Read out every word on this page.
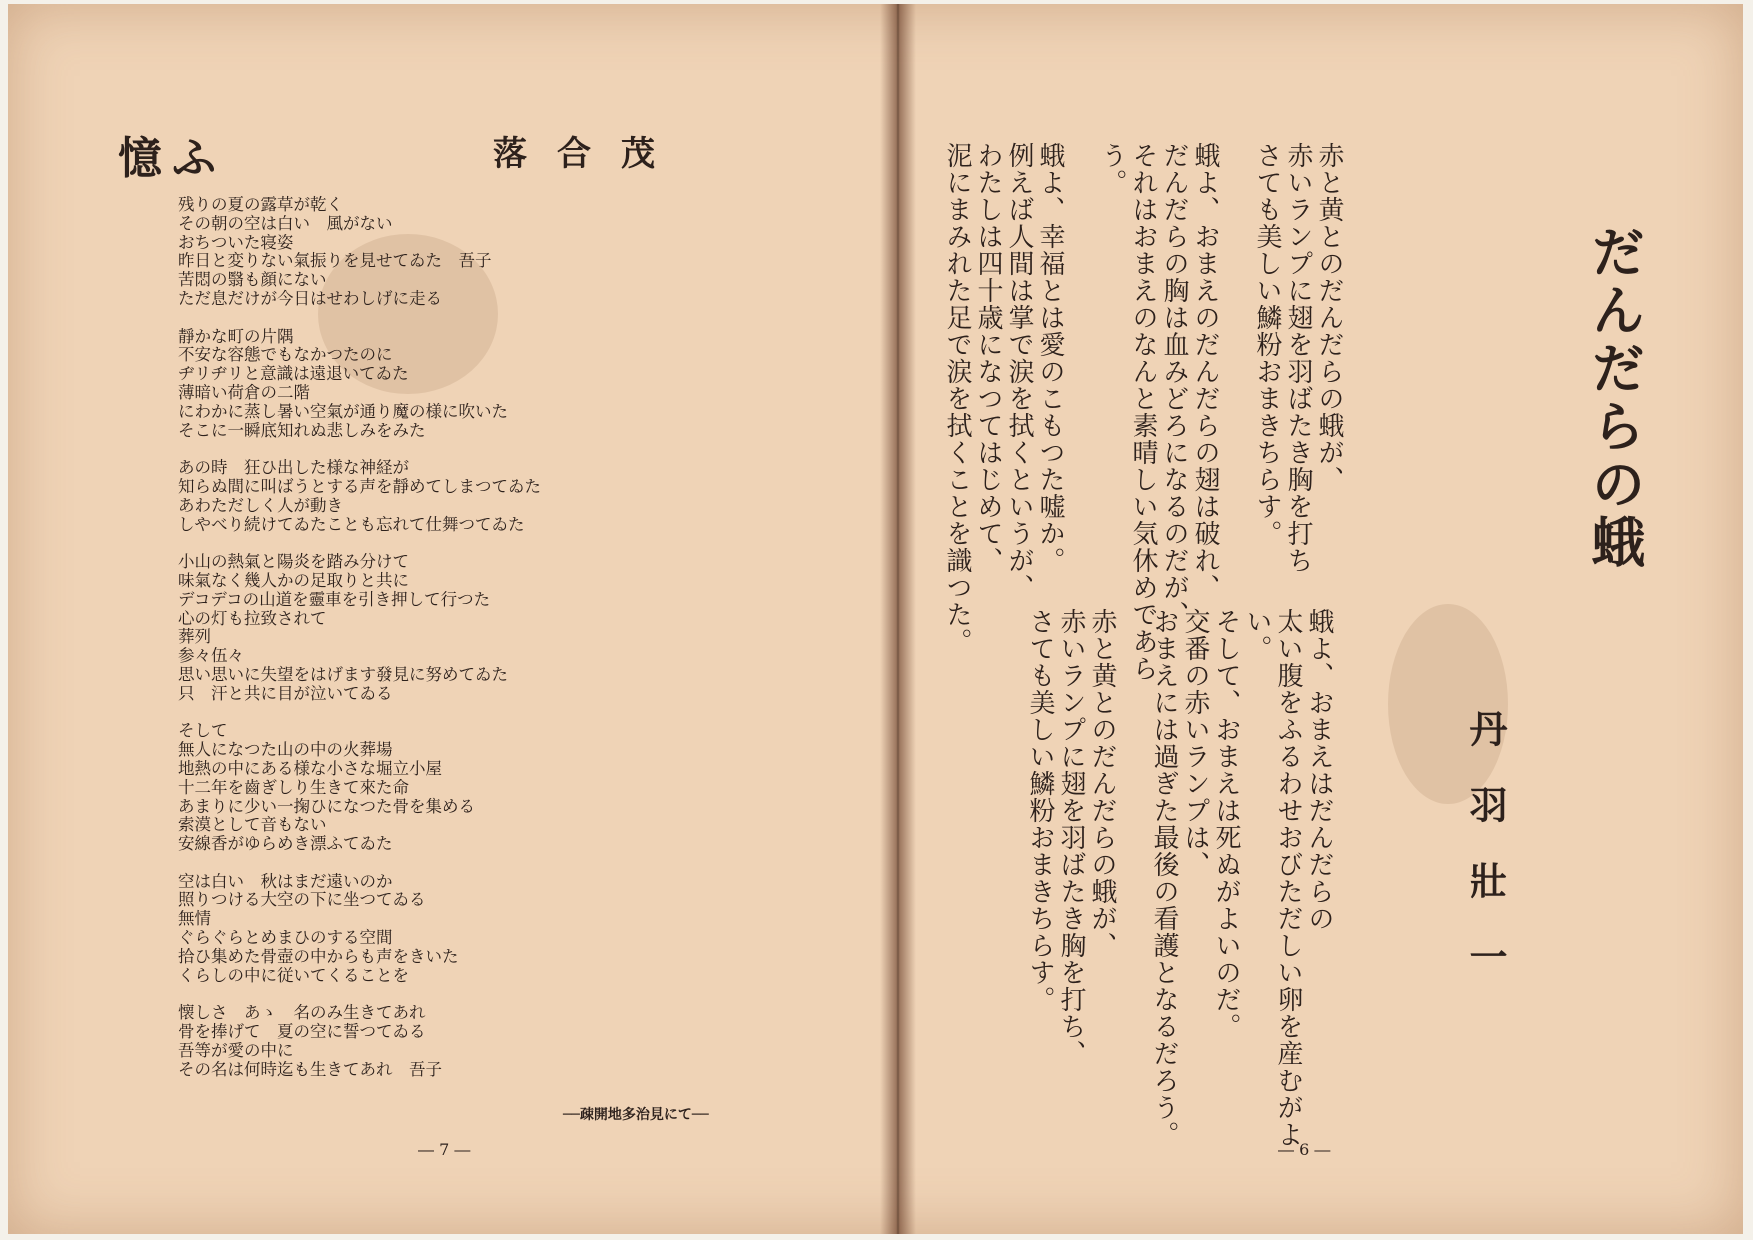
憶ふ	落合茂
残りの夏の露草が乾く
その朝の空は白い　風がない
おちついた寝姿
昨日と変りない氣振りを見せてゐた　吾子
苦悶の翳も顔にない
ただ息だけが今日はせわしげに走る
靜かな町の片隅
不安な容態でもなかつたのに
ヂリヂリと意識は遠退いてゐた
薄暗い荷倉の二階
にわかに蒸し暑い空氣が通り魔の様に吹いた
そこに一瞬底知れぬ悲しみをみた
あの時　狂ひ出した様な神経が
知らぬ間に叫ばうとする声を靜めてしまつてゐた
あわただしく人が動き
しやべり続けてゐたことも忘れて仕舞つてゐた
小山の熱氣と陽炎を踏み分けて
味氣なく幾人かの足取りと共に
デコデコの山道を靈車を引き押して行つた
心の灯も拉致されて
葬列
参々伍々
思い思いに失望をはげます發見に努めてゐた
只　汗と共に目が泣いてゐる
そして
無人になつた山の中の火葬場
地熱の中にある様な小さな堀立小屋
十二年を齒ぎしり生きて來た命
あまりに少い一掬ひになつた骨を集める
索漠として音もない
安線香がゆらめき漂ふてゐた
空は白い　秋はまだ遠いのか
照りつける大空の下に坐つてゐる
無情
ぐらぐらとめまひのする空間
拾ひ集めた骨壺の中からも声をきいた
くらしの中に従いてくることを
懐しさ　あゝ　名のみ生きてあれ
骨を捧げて　夏の空に誓つてゐる
吾等が愛の中に
その名は何時迄も生きてあれ　吾子
──疎開地多治見にて──
― 7 ―
だんだらの蛾
丹羽壯一
赤と黄とのだんだらの蛾が、
赤いランプに翅を羽ばたき胸を打ち
さても美しい鱗粉おまきちらす。
蛾よ、おまえのだんだらの翅は破れ、
だんだらの胸は血みどろになるのだが、
それはおまえのなんと素晴しい気休めであら
う。
蛾よ、幸福とは愛のこもつた嘘か。
例えば人間は掌で涙を拭くというが、
わたしは四十歳になつてはじめて、
泥にまみれた足で涙を拭くことを識つた。
蛾よ、おまえはだんだらの
太い腹をふるわせおびただしい卵を産むがよ
い。
そして、おまえは死ぬがよいのだ。
交番の赤いランプは、
おまえには過ぎた最後の看護となるだろう。
赤と黄とのだんだらの蛾が、
赤いランプに翅を羽ばたき胸を打ち、
さても美しい鱗粉おまきちらす。
― 6 ―
